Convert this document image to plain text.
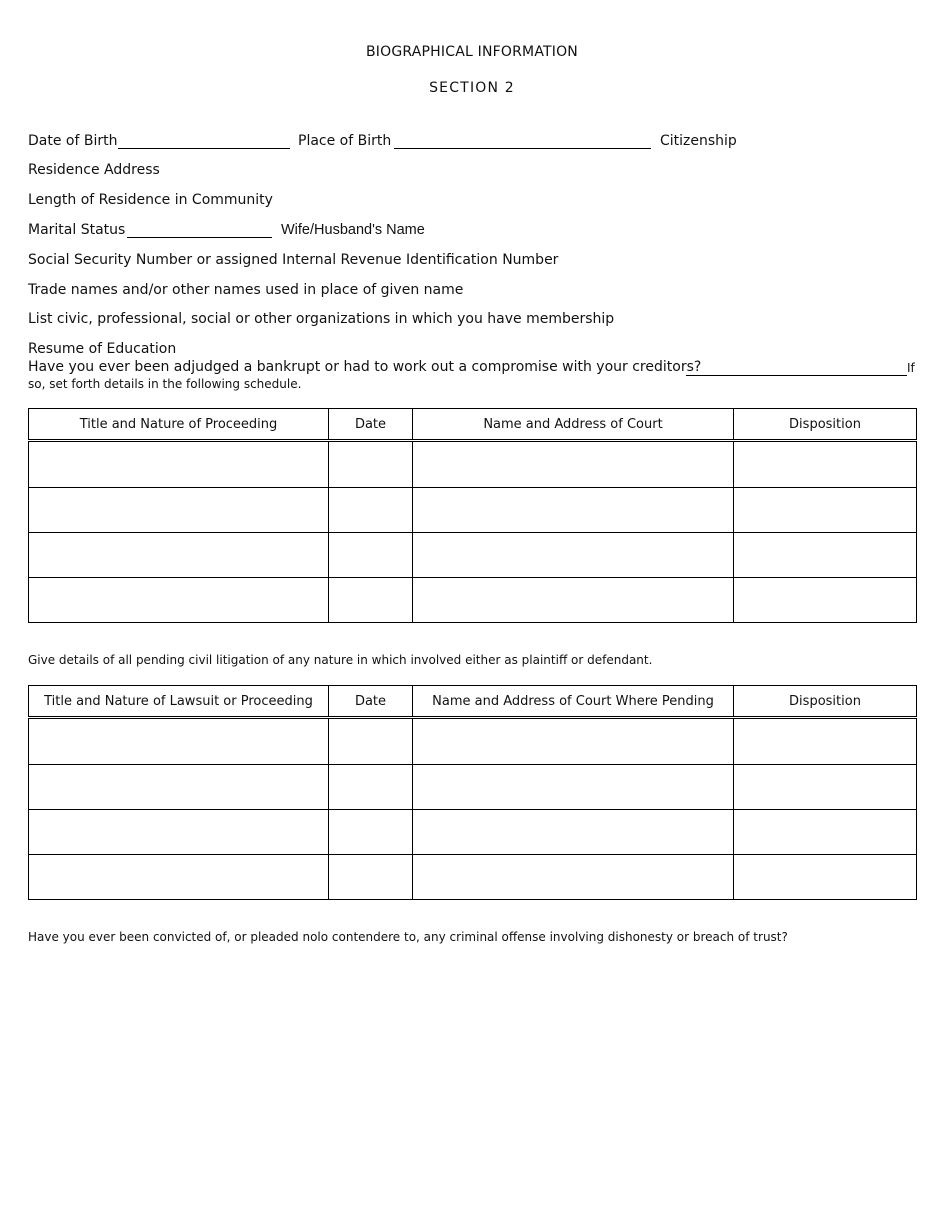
BIOGRAPHICAL INFORMATION
SECTION 2
Date of Birth	Place of Birth	Citizenship
Residence Address
Length of Residence in Community
Marital Status	Wife/Husband's Name
Social Security Number or assigned Internal Revenue Identification Number
Trade names and/or other names used in place of given name
List civic, professional, social or other organizations in which you have membership
Resume of Education
Have you ever been adjudged a bankrupt or had to work out a compromise with your creditors?	If
so, set forth details in the following schedule.
Title and Nature of Proceeding	Date	Name and Address of Court	Disposition

Give details of all pending civil litigation of any nature in which involved either as plaintiff or defendant.
Title and Nature of Lawsuit or Proceeding	Date	Name and Address of Court Where Pending	Disposition

Have you ever been convicted of, or pleaded nolo contendere to, any criminal offense involving dishonesty or breach of trust?
